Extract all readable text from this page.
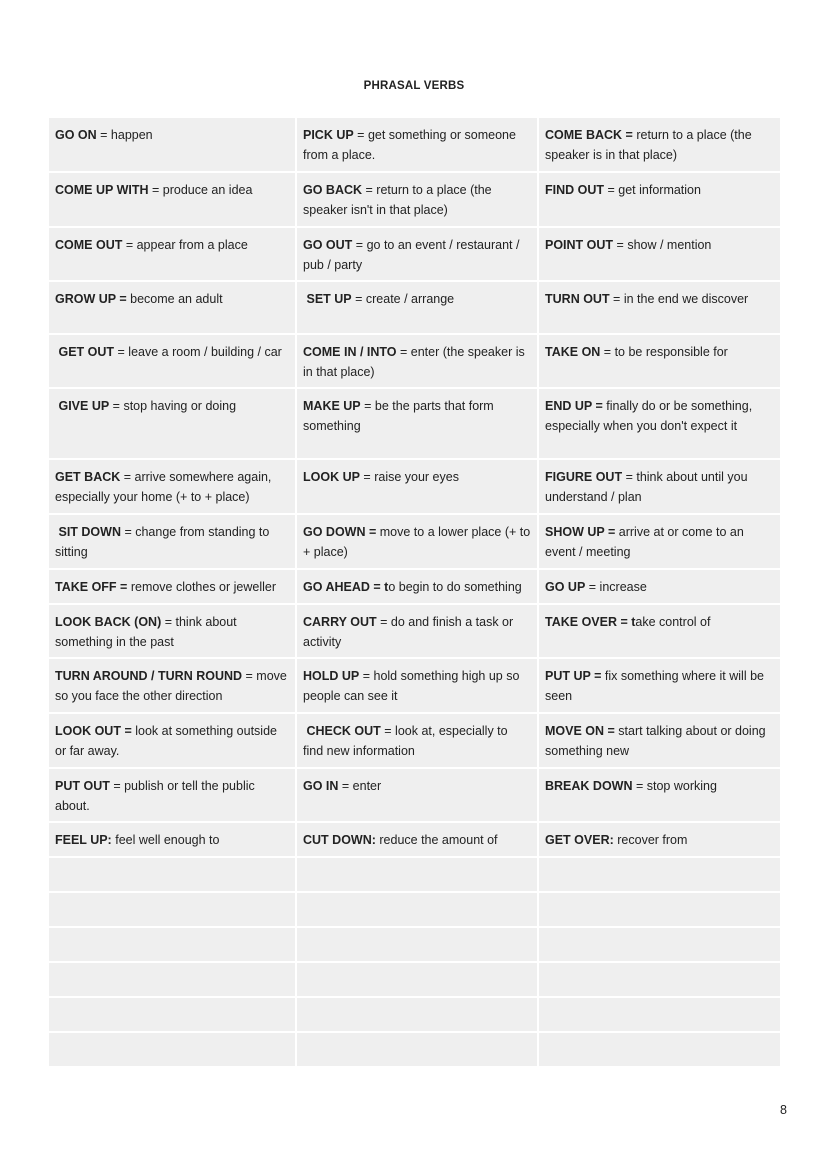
PHRASAL VERBS
GO ON = happen	PICK UP = get something or someone from a place.	COME BACK = return to a place (the speaker is in that place)
COME UP WITH = produce an idea	GO BACK = return to a place (the speaker isn't in that place)	FIND OUT = get information
COME OUT = appear from a place	GO OUT = go to an event / restaurant / pub / party	POINT OUT = show / mention
GROW UP = become an adult	SET UP = create / arrange	TURN OUT = in the end we discover
GET OUT = leave a room / building / car	COME IN / INTO = enter (the speaker is in that place)	TAKE ON = to be responsible for
GIVE UP = stop having or doing	MAKE UP = be the parts that form something	END UP = finally do or be something, especially when you don't expect it
GET BACK = arrive somewhere again, especially your home (+ to + place)	LOOK UP = raise your eyes	FIGURE OUT = think about until you understand / plan
SIT DOWN = change from standing to sitting	GO DOWN = move to a lower place (+ to + place)	SHOW UP = arrive at or come to an event / meeting
TAKE OFF = remove clothes or jeweller	GO AHEAD = to begin to do something	GO UP = increase
LOOK BACK (ON) = think about something in the past	CARRY OUT = do and finish a task or activity	TAKE OVER = take control of
TURN AROUND / TURN ROUND = move so you face the other direction	HOLD UP = hold something high up so people can see it	PUT UP = fix something where it will be seen
LOOK OUT = look at something outside or far away.	CHECK OUT = look at, especially to find new information	MOVE ON = start talking about or doing something new
PUT OUT = publish or tell the public about.	GO IN = enter	BREAK DOWN = stop working
FEEL UP: feel well enough to	CUT DOWN: reduce the amount of	GET OVER: recover from

8
